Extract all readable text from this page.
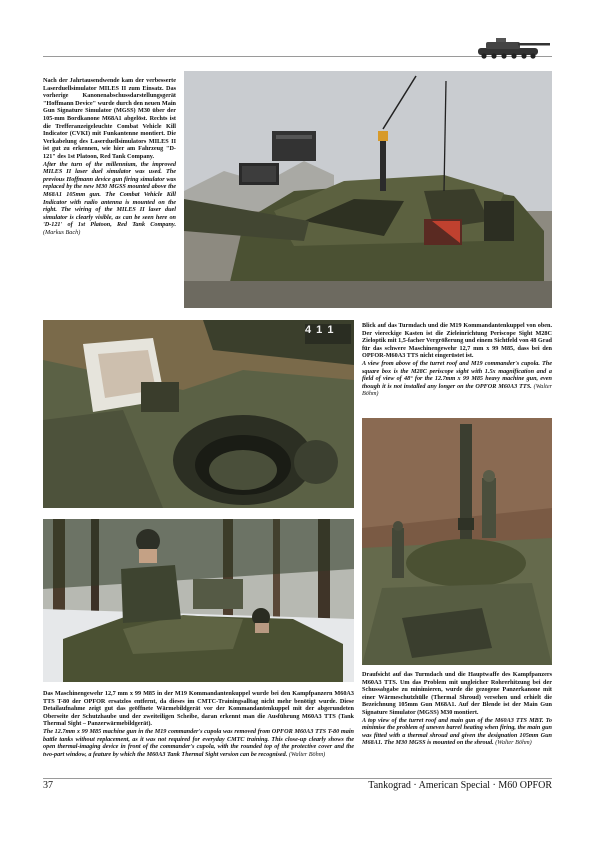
Nach der Jahrtausendwende kam der verbesserte Laserduellsimulator MILES II zum Einsatz. Das vorherige Kanonenabschussdarstellungsgerät "Hoffmann Device" wurde durch den neuen Main Gun Signature Simulator (MGSS) M30 über der 105-mm Bordkanone M68A1 abgelöst. Rechts ist die Trefferanzeigeleuchte Combat Vehicle Kill Indicator (CVKI) mit Funkantenne montiert. Die Verkabelung des Laserduellsimulators MILES II ist gut zu erkennen, wie hier am Fahrzeug "D-121" des 1st Platoon, Red Tank Company.

After the turn of the millennium, the improved MILES II laser duel simulator was used. The previous Hoffmann device gun firing simulator was replaced by the new M30 MGSS mounted above the M68A1 105mm gun. The Combat Vehicle Kill Indicator with radio antenna is mounted on the right. The wiring of the MILES II laser duel simulator is clearly visible, as can be seen here on 'D-121' of 1st Platoon, Red Tank Company. (Markus Bach)

4 1 1	Blick auf das Turmdach und die M19 Kommandantenkuppel von oben. Der viereckige Kasten ist die Zieleinrichtung Periscope Sight M28C Zieloptik mit 1,5-facher Vergrößerung und einem Sichtfeld von 48 Grad für das schwere Maschinengewehr 12,7 mm x 99 M85, dass bei den OPFOR-M60A3 TTS nicht eingerüstet ist.

A view from above of the turret roof and M19 commander's cupola. The square box is the M28C periscope sight with 1.5x magnification and a field of view of 48° for the 12.7mm x 99 M85 heavy machine gun, even though it is not installed any longer on the OPFOR M60A3 TTS. (Walter Böhm)

Das Maschinengewehr 12,7 mm x 99 M85 in der M19 Kommandantenkuppel wurde bei den Kampfpanzern M60A3 TTS T-80 der OPFOR ersatzlos entfernt, da dieses im CMTC-Trainingsalltag nicht mehr benötigt wurde. Diese Detailaufnahme zeigt gut das geöffnete Wärmebildgerät vor der Kommandantenkuppel mit der abgerundeten Oberseite der Schutzhaube und der zweiteiligen Scheibe, daran erkennt man die Ausführung M60A3 TTS (Tank Thermal Sight – Panzerwärmebildgerät).

The 12.7mm x 99 M85 machine gun in the M19 commander's cupola was removed from OPFOR M60A3 TTS T-80 main battle tanks without replacement, as it was not required for everyday CMTC training. This close-up clearly shows the open thermal-imaging device in front of the commander's cupola, with the rounded top of the protective cover and the two-part window, a feature by which the M60A3 Tank Thermal Sight version can be recognised. (Walter Böhm)

Draufsicht auf das Turmdach und die Hauptwaffe des Kampfpanzers M60A3 TTS. Um das Problem mit ungleicher Rohrerhitzung bei der Schussabgabe zu minimieren, wurde die gezogene Panzerkanone mit einer Wärmeschutzhülle (Thermal Shroud) versehen und erhielt die Bezeichnung 105mm Gun M68A1. Auf der Blende ist der Main Gun Signature Simulator (MGSS) M30 montiert.

A top view of the turret roof and main gun of the M60A3 TTS MBT. To minimise the problem of uneven barrel heating when firing, the main gun was fitted with a thermal shroud and given the designation 105mm Gun M68A1. The M30 MGSS is mounted on the shroud. (Walter Böhm)

37	Tankograd · American Special · M60 OPFOR
